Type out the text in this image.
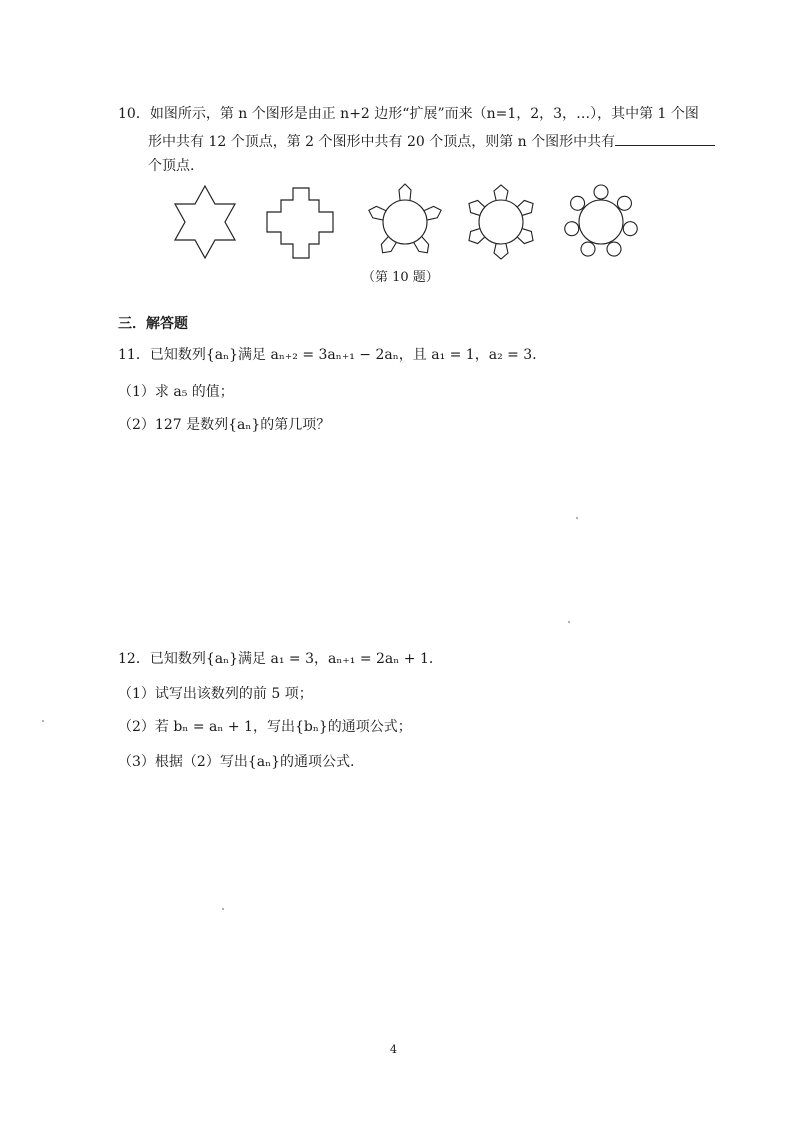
10．如图所示，第 n 个图形是由正 n+2 边形“扩展”而来（n=1，2，3，…），其中第 1 个图
形中共有 12 个顶点，第 2 个图形中共有 20 个顶点，则第 n 个图形中共有
个顶点.
（第 10 题）
三．解答题
11．已知数列{aₙ}满足 aₙ₊₂ = 3aₙ₊₁ − 2aₙ，且 a₁ = 1，a₂ = 3．
（1）求 a₅ 的值；
（2）127 是数列{aₙ}的第几项？
12．已知数列{aₙ}满足 a₁ = 3，aₙ₊₁ = 2aₙ + 1．
（1）试写出该数列的前 5 项；
（2）若 bₙ = aₙ + 1，写出{bₙ}的通项公式；
（3）根据（2）写出{aₙ}的通项公式.
4
